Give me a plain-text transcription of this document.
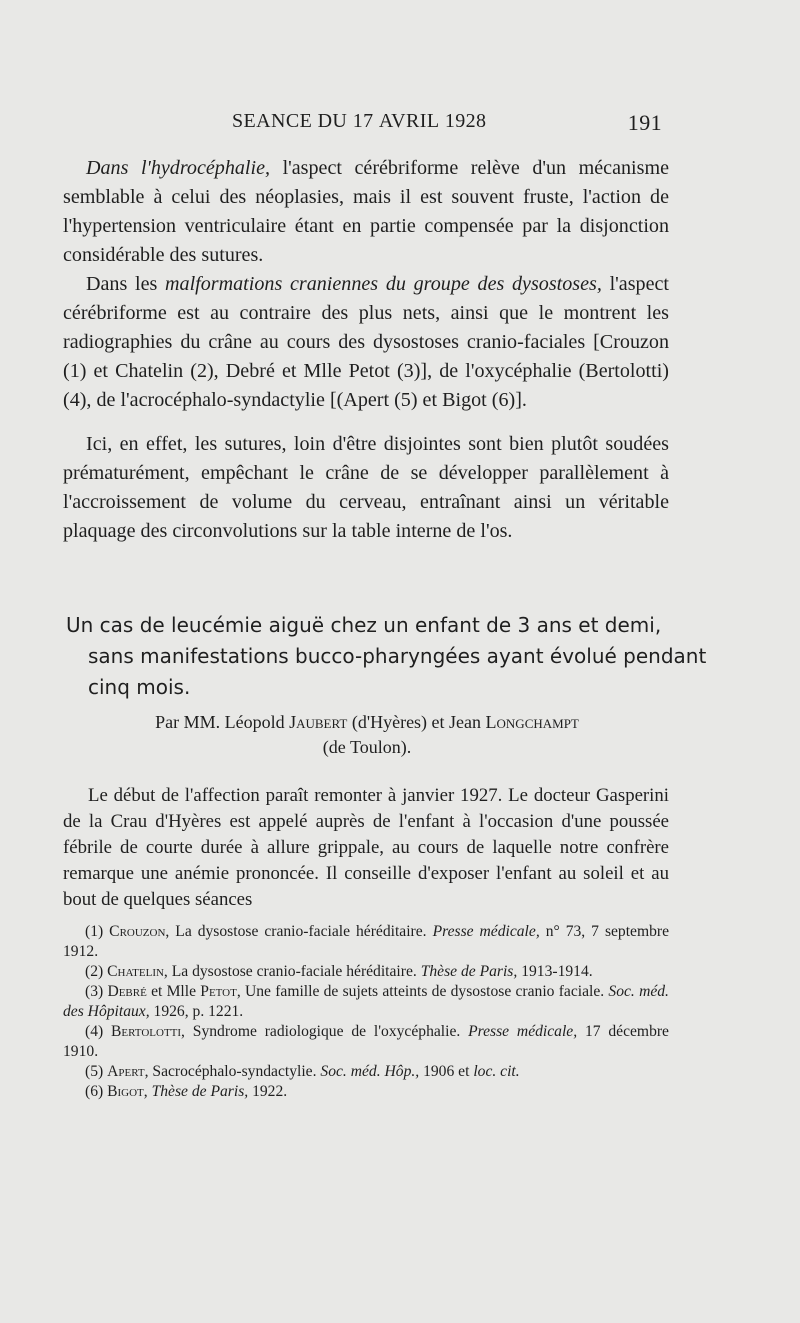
SEANCE DU 17 AVRIL 1928	191

Dans l'hydrocéphalie, l'aspect cérébriforme relève d'un mécanisme semblable à celui des néoplasies, mais il est souvent fruste, l'action de l'hypertension ventriculaire étant en partie compensée par la disjonction considérable des sutures.

Dans les malformations craniennes du groupe des dysostoses, l'aspect cérébriforme est au contraire des plus nets, ainsi que le montrent les radiographies du crâne au cours des dysostoses cranio-faciales [Crouzon (1) et Chatelin (2), Debré et Mlle Petot (3)], de l'oxycéphalie (Bertolotti) (4), de l'acrocéphalo-syndactylie [(Apert (5) et Bigot (6)].

Ici, en effet, les sutures, loin d'être disjointes sont bien plutôt soudées prématurément, empêchant le crâne de se développer parallèlement à l'accroissement de volume du cerveau, entraînant ainsi un véritable plaquage des circonvolutions sur la table interne de l'os.

Un cas de leucémie aiguë chez un enfant de 3 ans et demi,
sans manifestations bucco-pharyngées ayant évolué pendant
cinq mois.
Par MM. Léopold Jaubert (d'Hyères) et Jean Longchampt
(de Toulon).

Le début de l'affection paraît remonter à janvier 1927. Le docteur Gasperini de la Crau d'Hyères est appelé auprès de l'enfant à l'occasion d'une poussée fébrile de courte durée à allure grippale, au cours de laquelle notre confrère remarque une anémie prononcée. Il conseille d'exposer l'enfant au soleil et au bout de quelques séances

(1) Crouzon, La dysostose cranio-faciale héréditaire. Presse médicale, n° 73, 7 septembre 1912.

(2) Chatelin, La dysostose cranio-faciale héréditaire. Thèse de Paris, 1913-1914.

(3) Debré et Mlle Petot, Une famille de sujets atteints de dysostose cranio faciale. Soc. méd. des Hôpitaux, 1926, p. 1221.

(4) Bertolotti, Syndrome radiologique de l'oxycéphalie. Presse médicale, 17 décembre 1910.

(5) Apert, Sacrocéphalo-syndactylie. Soc. méd. Hôp., 1906 et loc. cit.

(6) Bigot, Thèse de Paris, 1922.
